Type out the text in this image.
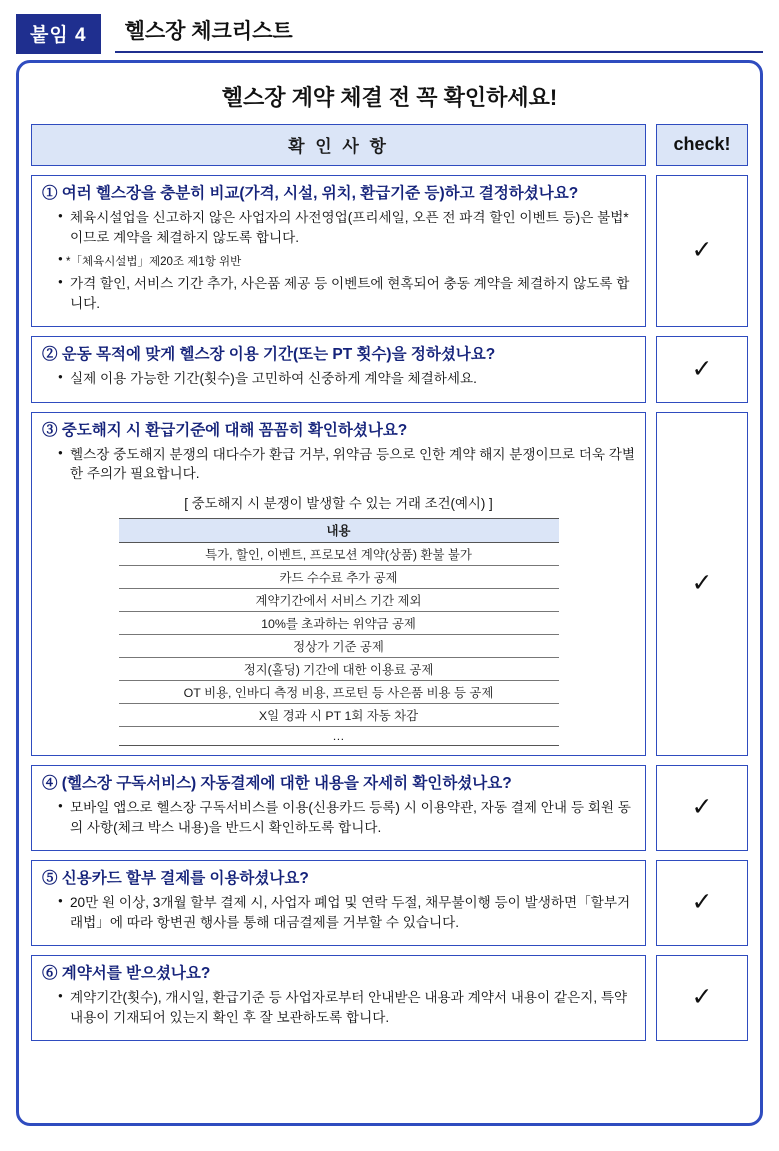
붙임 4	헬스장 체크리스트
헬스장 계약 체결 전 꼭 확인하세요!
확 인 사 항	check!
① 여러 헬스장을 충분히 비교(가격, 시설, 위치, 환급기준 등)하고 결정하셨나요?
● 체육시설업을 신고하지 않은 사업자의 사전영업(프리세일, 오픈 전 파격 할인 이벤트 등)은 불법*이므로 계약을 체결하지 않도록 합니다.
● *「체육시설법」제20조 제1항 위반
● 가격 할인, 서비스 기간 추가, 사은품 제공 등 이벤트에 현혹되어 충동 계약을 체결하지 않도록 합니다.
✓
② 운동 목적에 맞게 헬스장 이용 기간(또는 PT 횟수)을 정하셨나요?
● 실제 이용 가능한 기간(횟수)을 고민하여 신중하게 계약을 체결하세요.	✓
③ 중도해지 시 환급기준에 대해 꼼꼼히 확인하셨나요?
● 헬스장 중도해지 분쟁의 대다수가 환급 거부, 위약금 등으로 인한 계약 해지 분쟁이므로 더욱 각별한 주의가 필요합니다.
[ 중도해지 시 분쟁이 발생할 수 있는 거래 조건(예시) ]
내용
특가, 할인, 이벤트, 프로모션 계약(상품) 환불 불가
카드 수수료 추가 공제
계약기간에서 서비스 기간 제외
10%를 초과하는 위약금 공제
정상가 기준 공제
정지(홀딩) 기간에 대한 이용료 공제
OT 비용, 인바디 측정 비용, 프로틴 등 사은품 비용 등 공제
X일 경과 시 PT 1회 자동 차감
…
✓
④ (헬스장 구독서비스) 자동결제에 대한 내용을 자세히 확인하셨나요?
● 모바일 앱으로 헬스장 구독서비스를 이용(신용카드 등록) 시 이용약관, 자동 결제 안내 등 회원 동의 사항(체크 박스 내용)을 반드시 확인하도록 합니다.
✓
⑤ 신용카드 할부 결제를 이용하셨나요?
● 20만 원 이상, 3개월 할부 결제 시, 사업자 폐업 및 연락 두절, 채무불이행 등이 발생하면「할부거래법」에 따라 항변권 행사를 통해 대금결제를 거부할 수 있습니다.
✓
⑥ 계약서를 받으셨나요?
● 계약기간(횟수), 개시일, 환급기준 등 사업자로부터 안내받은 내용과 계약서 내용이 같은지, 특약 내용이 기재되어 있는지 확인 후 잘 보관하도록 합니다.
✓
